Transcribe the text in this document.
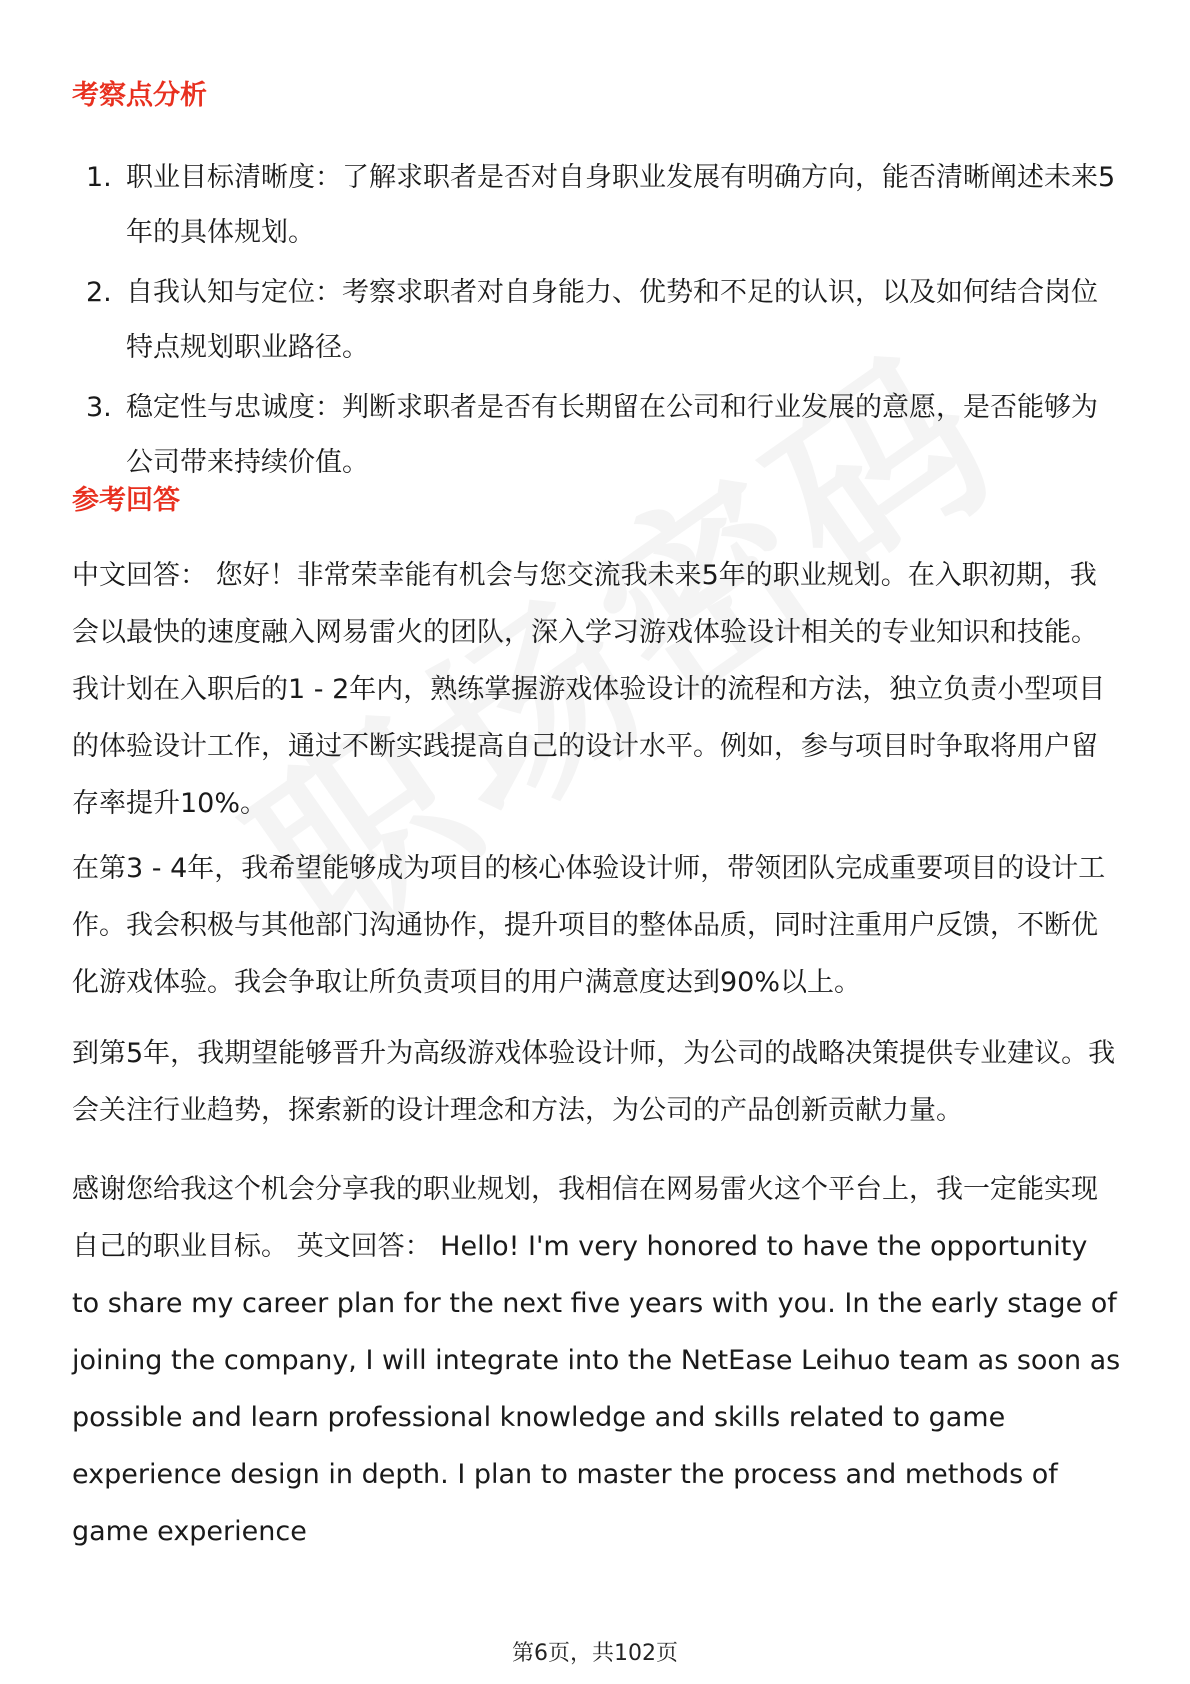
考察点分析
1. 职业目标清晰度：了解求职者是否对自身职业发展有明确方向，能否清晰阐述未来5年的具体规划。
2. 自我认知与定位：考察求职者对自身能力、优势和不足的认识，以及如何结合岗位特点规划职业路径。
3. 稳定性与忠诚度：判断求职者是否有长期留在公司和行业发展的意愿，是否能够为公司带来持续价值。
参考回答

中文回答： 您好！非常荣幸能有机会与您交流我未来5年的职业规划。在入职初期，我会以最快的速度融入网易雷火的团队，深入学习游戏体验设计相关的专业知识和技能。我计划在入职后的1 - 2年内，熟练掌握游戏体验设计的流程和方法，独立负责小型项目的体验设计工作，通过不断实践提高自己的设计水平。例如，参与项目时争取将用户留存率提升10%。

在第3 - 4年，我希望能够成为项目的核心体验设计师，带领团队完成重要项目的设计工作。我会积极与其他部门沟通协作，提升项目的整体品质，同时注重用户反馈，不断优化游戏体验。我会争取让所负责项目的用户满意度达到90%以上。

到第5年，我期望能够晋升为高级游戏体验设计师，为公司的战略决策提供专业建议。我会关注行业趋势，探索新的设计理念和方法，为公司的产品创新贡献力量。

感谢您给我这个机会分享我的职业规划，我相信在网易雷火这个平台上，我一定能实现自己的职业目标。 英文回答： Hello! I'm very honored to have the opportunity to share my career plan for the next five years with you. In the early stage of joining the company, I will integrate into the NetEase Leihuo team as soon as possible and learn professional knowledge and skills related to game experience design in depth. I plan to master the process and methods of game experience

第6页，共102页
